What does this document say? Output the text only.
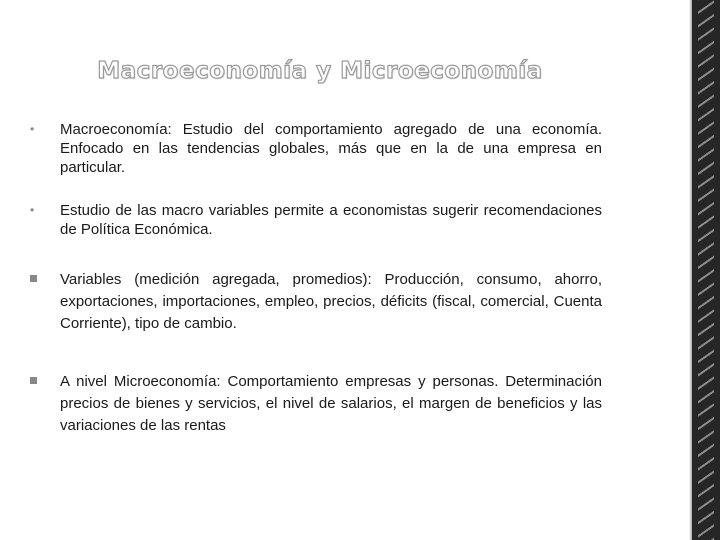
Macroeconomía y Microeconomía
•	Macroeconomía: Estudio del comportamiento agregado de una economía. Enfocado en las tendencias globales, más que en la de una empresa en particular.
•	Estudio de las macro variables permite a economistas sugerir recomendaciones de Política Económica.
Variables (medición agregada, promedios): Producción, consumo, ahorro, exportaciones, importaciones, empleo, precios, déficits (fiscal, comercial, Cuenta Corriente), tipo de cambio.
A nivel Microeconomía: Comportamiento empresas y personas. Determinación precios de bienes y servicios, el nivel de salarios, el margen de beneficios y las variaciones de las rentas
